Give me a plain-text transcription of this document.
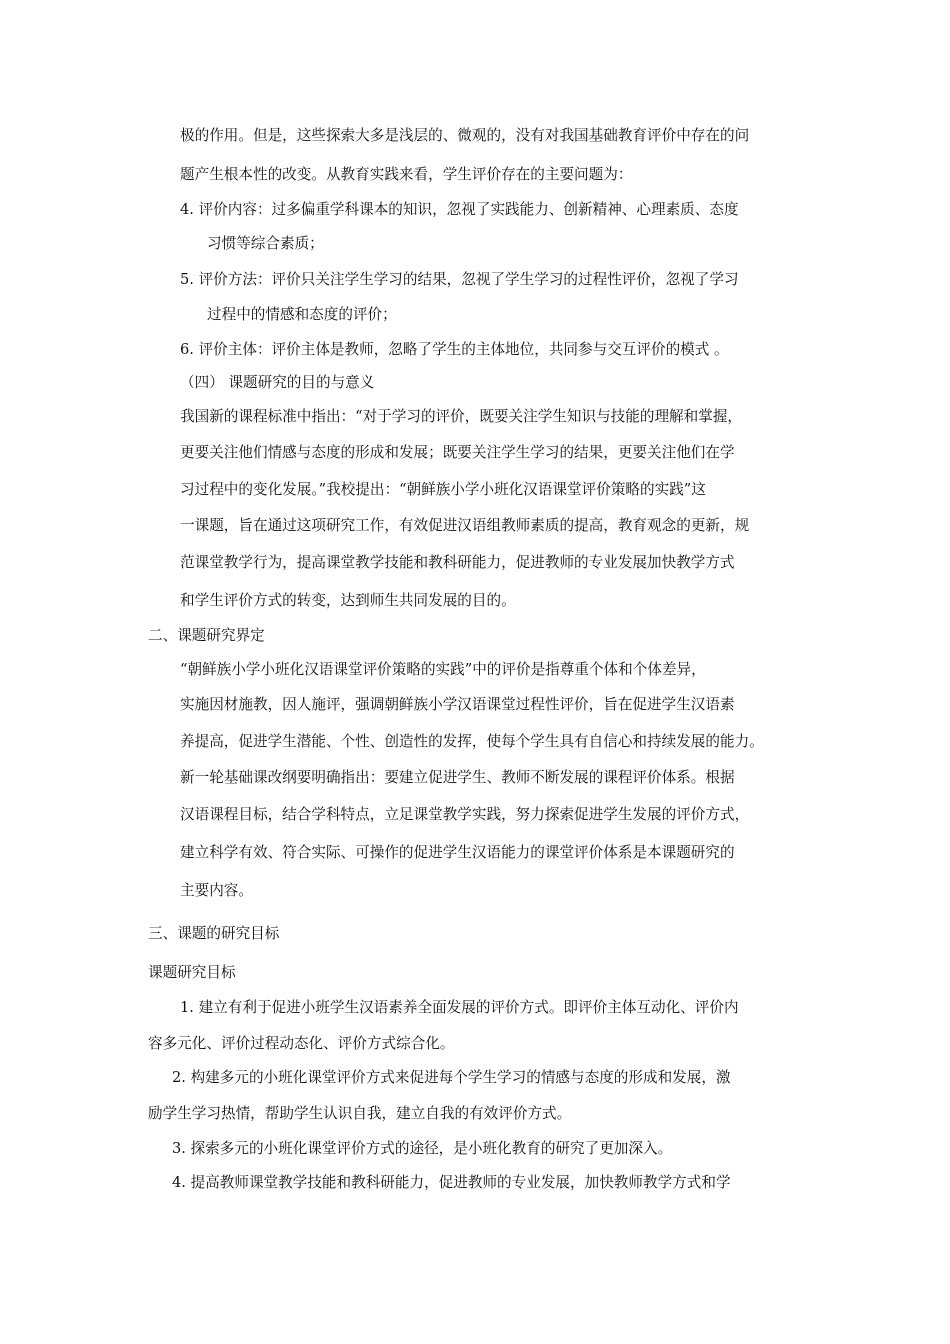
极的作用。但是，这些探索大多是浅层的、微观的，没有对我国基础教育评价中存在的问

题产生根本性的改变。从教育实践来看，学生评价存在的主要问题为：

4. 评价内容：过多偏重学科课本的知识，忽视了实践能力、创新精神、心理素质、态度

习惯等综合素质；

5. 评价方法：评价只关注学生学习的结果，忽视了学生学习的过程性评价，忽视了学习

过程中的情感和态度的评价；

6. 评价主体：评价主体是教师，忽略了学生的主体地位，共同参与交互评价的模式 。

（四） 课题研究的目的与意义

我国新的课程标准中指出：“对于学习的评价，既要关注学生知识与技能的理解和掌握，

更要关注他们情感与态度的形成和发展；既要关注学生学习的结果，更要关注他们在学

习过程中的变化发展。”我校提出：“朝鲜族小学小班化汉语课堂评价策略的实践”这

一课题，旨在通过这项研究工作，有效促进汉语组教师素质的提高，教育观念的更新，规

范课堂教学行为，提高课堂教学技能和教科研能力，促进教师的专业发展加快教学方式

和学生评价方式的转变，达到师生共同发展的目的。

二、课题研究界定

“朝鲜族小学小班化汉语课堂评价策略的实践”中的评价是指尊重个体和个体差异，

实施因材施教，因人施评，强调朝鲜族小学汉语课堂过程性评价，旨在促进学生汉语素

养提高，促进学生潜能、个性、创造性的发挥，使每个学生具有自信心和持续发展的能力。

新一轮基础课改纲要明确指出：要建立促进学生、教师不断发展的课程评价体系。根据

汉语课程目标，结合学科特点，立足课堂教学实践，努力探索促进学生发展的评价方式，

建立科学有效、符合实际、可操作的促进学生汉语能力的课堂评价体系是本课题研究的

主要内容。

三、课题的研究目标

课题研究目标

1. 建立有利于促进小班学生汉语素养全面发展的评价方式。即评价主体互动化、评价内

容多元化、评价过程动态化、评价方式综合化。

2. 构建多元的小班化课堂评价方式来促进每个学生学习的情感与态度的形成和发展，激

励学生学习热情，帮助学生认识自我，建立自我的有效评价方式。

3. 探索多元的小班化课堂评价方式的途径，是小班化教育的研究了更加深入。

4. 提高教师课堂教学技能和教科研能力，促进教师的专业发展，加快教师教学方式和学
